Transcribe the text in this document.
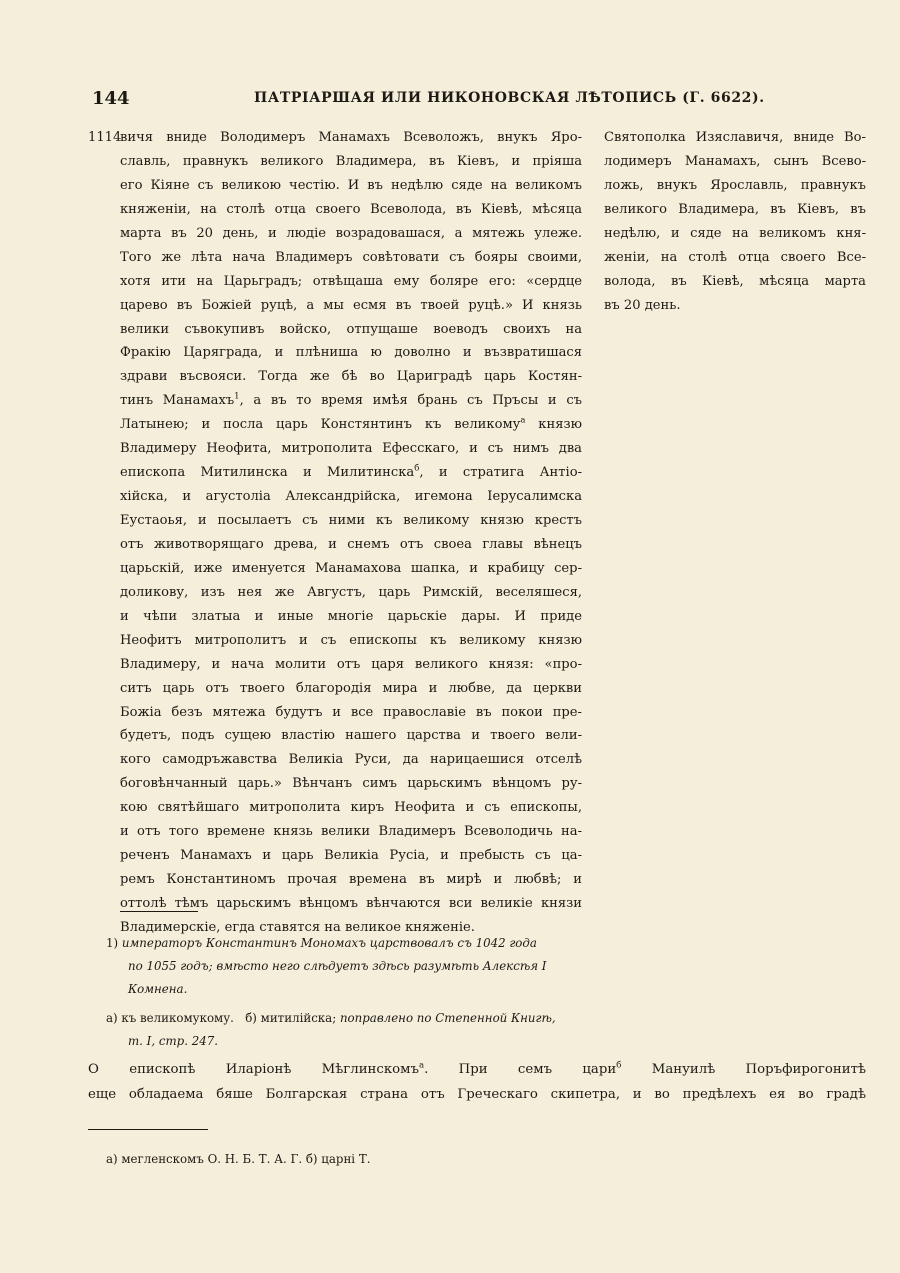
144	ПАТРІАРШАЯ ИЛИ НИКОНОВСКАЯ ЛѢТОПИСЬ (Г. 6622).
1114
вичя вниде Володимеръ Манамахъ Всеволожъ, внукъ Яро-
славль, правнукъ великого Владимера, въ Кіевъ, и пріяша
его Кіяне съ великою честію. И въ недѣлю сяде на великомъ
княженіи, на столѣ отца своего Всеволода, въ Кіевѣ, мѣсяца
марта въ 20 день, и людіе возрадовашася, а мятежь улеже.
Того же лѣта нача Владимеръ совѣтовати съ бояры своими,
хотя ити на Царьградъ; отвѣщаша ему боляре его: «сердце
царево въ Божіей руцѣ, а мы есмя въ твоей руцѣ.» И князь
велики съвокупивъ войско, отпущаше воеводъ своихъ на
Фракію Царяграда, и плѣниша ю доволно и възвратишася
здрави въсвояси. Тогда же бѣ во Цариградѣ царь Костян-
тинъ Манамахъ$^1$, а въ то время имѣя брань съ Пръсы и съ
Латынею; и посла царь Констянтинъ къ великому$^а$ князю
Владимеру Неофита, митрополита Ефесскаго, и съ нимъ два
епископа Митилинска и Милитинска$^б$, и стратига Антіо-
хійска, и агустоліа Александрійска, игемона Іерусалимска
Еустаоья, и посылаетъ съ ними къ великому князю крестъ
отъ животворящаго древа, и снемъ отъ своеа главы вѣнецъ
царьскій, иже именуется Манамахова шапка, и крабицу сер-
доликову, изъ нея же Августъ, царь Римскій, веселяшеся,
и чѣпи златыа и иные многіе царьскіе дары. И приде
Неофитъ митрополитъ и съ епископы къ великому князю
Владимеру, и нача молити отъ царя великого князя: «про-
ситъ царь отъ твоего благородія мира и любве, да церкви
Божіа безъ мятежа будутъ и все православіе въ покои пре-
будетъ, подъ сущею властію нашего царства и твоего вели-
кого самодръжавства Великіа Руси, да нарицаешися отселѣ
боговѣнчанный царь.» Вѣнчанъ симъ царьскимъ вѣнцомъ ру-
кою святѣйшаго митрополита киръ Неофита и съ епископы,
и отъ того времене князь велики Владимеръ Всеволодичь на-
реченъ Манамахъ и царь Великіа Русіа, и пребысть съ ца-
ремъ Константиномъ прочая времена въ мирѣ и любвѣ; и
оттолѣ тѣмъ царьскимъ вѣнцомъ вѣнчаются вси великіе князи
Владимерскіе, егда ставятся на великое княженіе.
Святополка Изяславичя, вниде Во-
лодимеръ Манамахъ, сынъ Всево-
ложь, внукъ Ярославль, правнукъ
великого Владимера, въ Кіевъ, въ
недѣлю, и сяде на великомъ кня-
женіи, на столѣ отца своего Все-
волода, въ Кіевѣ, мѣсяца марта
въ 20 день.
1) императоръ Константинъ Мономахъ царствовалъ съ 1042 года
по 1055 годъ; вмѣсто него слѣдуетъ здѣсь разумѣть Алексѣя I
Комнена.
а) къ великомукому. б) митилійска; поправлено по Степенной Книгѣ,
т. I, стр. 247.
О епископѣ Иларіонѣ Мѣглинскомъ$^а$. При семъ цари$^б$ Мануилѣ Поръфирогонитѣ
еще обладаема бяше Болгарская страна отъ Греческаго скипетра, и во предѣлехъ ея во градѣ
а) мегленскомъ О. Н. Б. Т. А. Г. б) царні Т.
